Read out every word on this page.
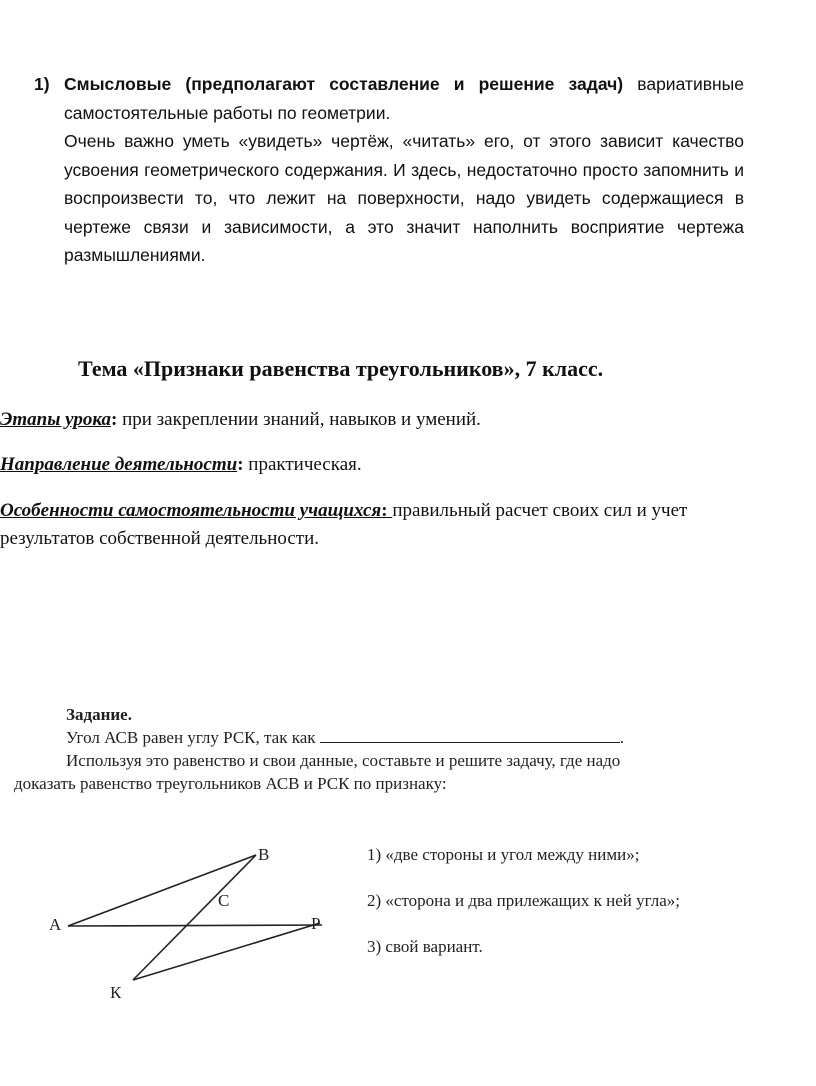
1) Смысловые (предполагают составление и решение задач) вариативные самостоятельные работы по геометрии.
Очень важно уметь «увидеть» чертёж, «читать» его, от этого зависит качество усвоения геометрического содержания. И здесь, недостаточно просто запомнить и воспроизвести то, что лежит на поверхности, надо увидеть содержащиеся в чертеже связи и зависимости, а это значит наполнить восприятие чертежа размышлениями.
Тема «Признаки равенства треугольников», 7 класс.
Этапы урока: при закреплении знаний, навыков и умений.
Направление деятельности: практическая.
Особенности самостоятельности учащихся: правильный расчет своих сил и учет результатов собственной деятельности.
Задание.
Угол АСВ равен углу РСК, так как	.
Используя это равенство и свои данные, составьте и решите задачу, где надо
доказать равенство треугольников АСВ и РСК по признаку:
А
В
С
Р
К
1) «две стороны и угол между ними»;
2) «сторона и два прилежащих к ней угла»;
3) свой вариант.
